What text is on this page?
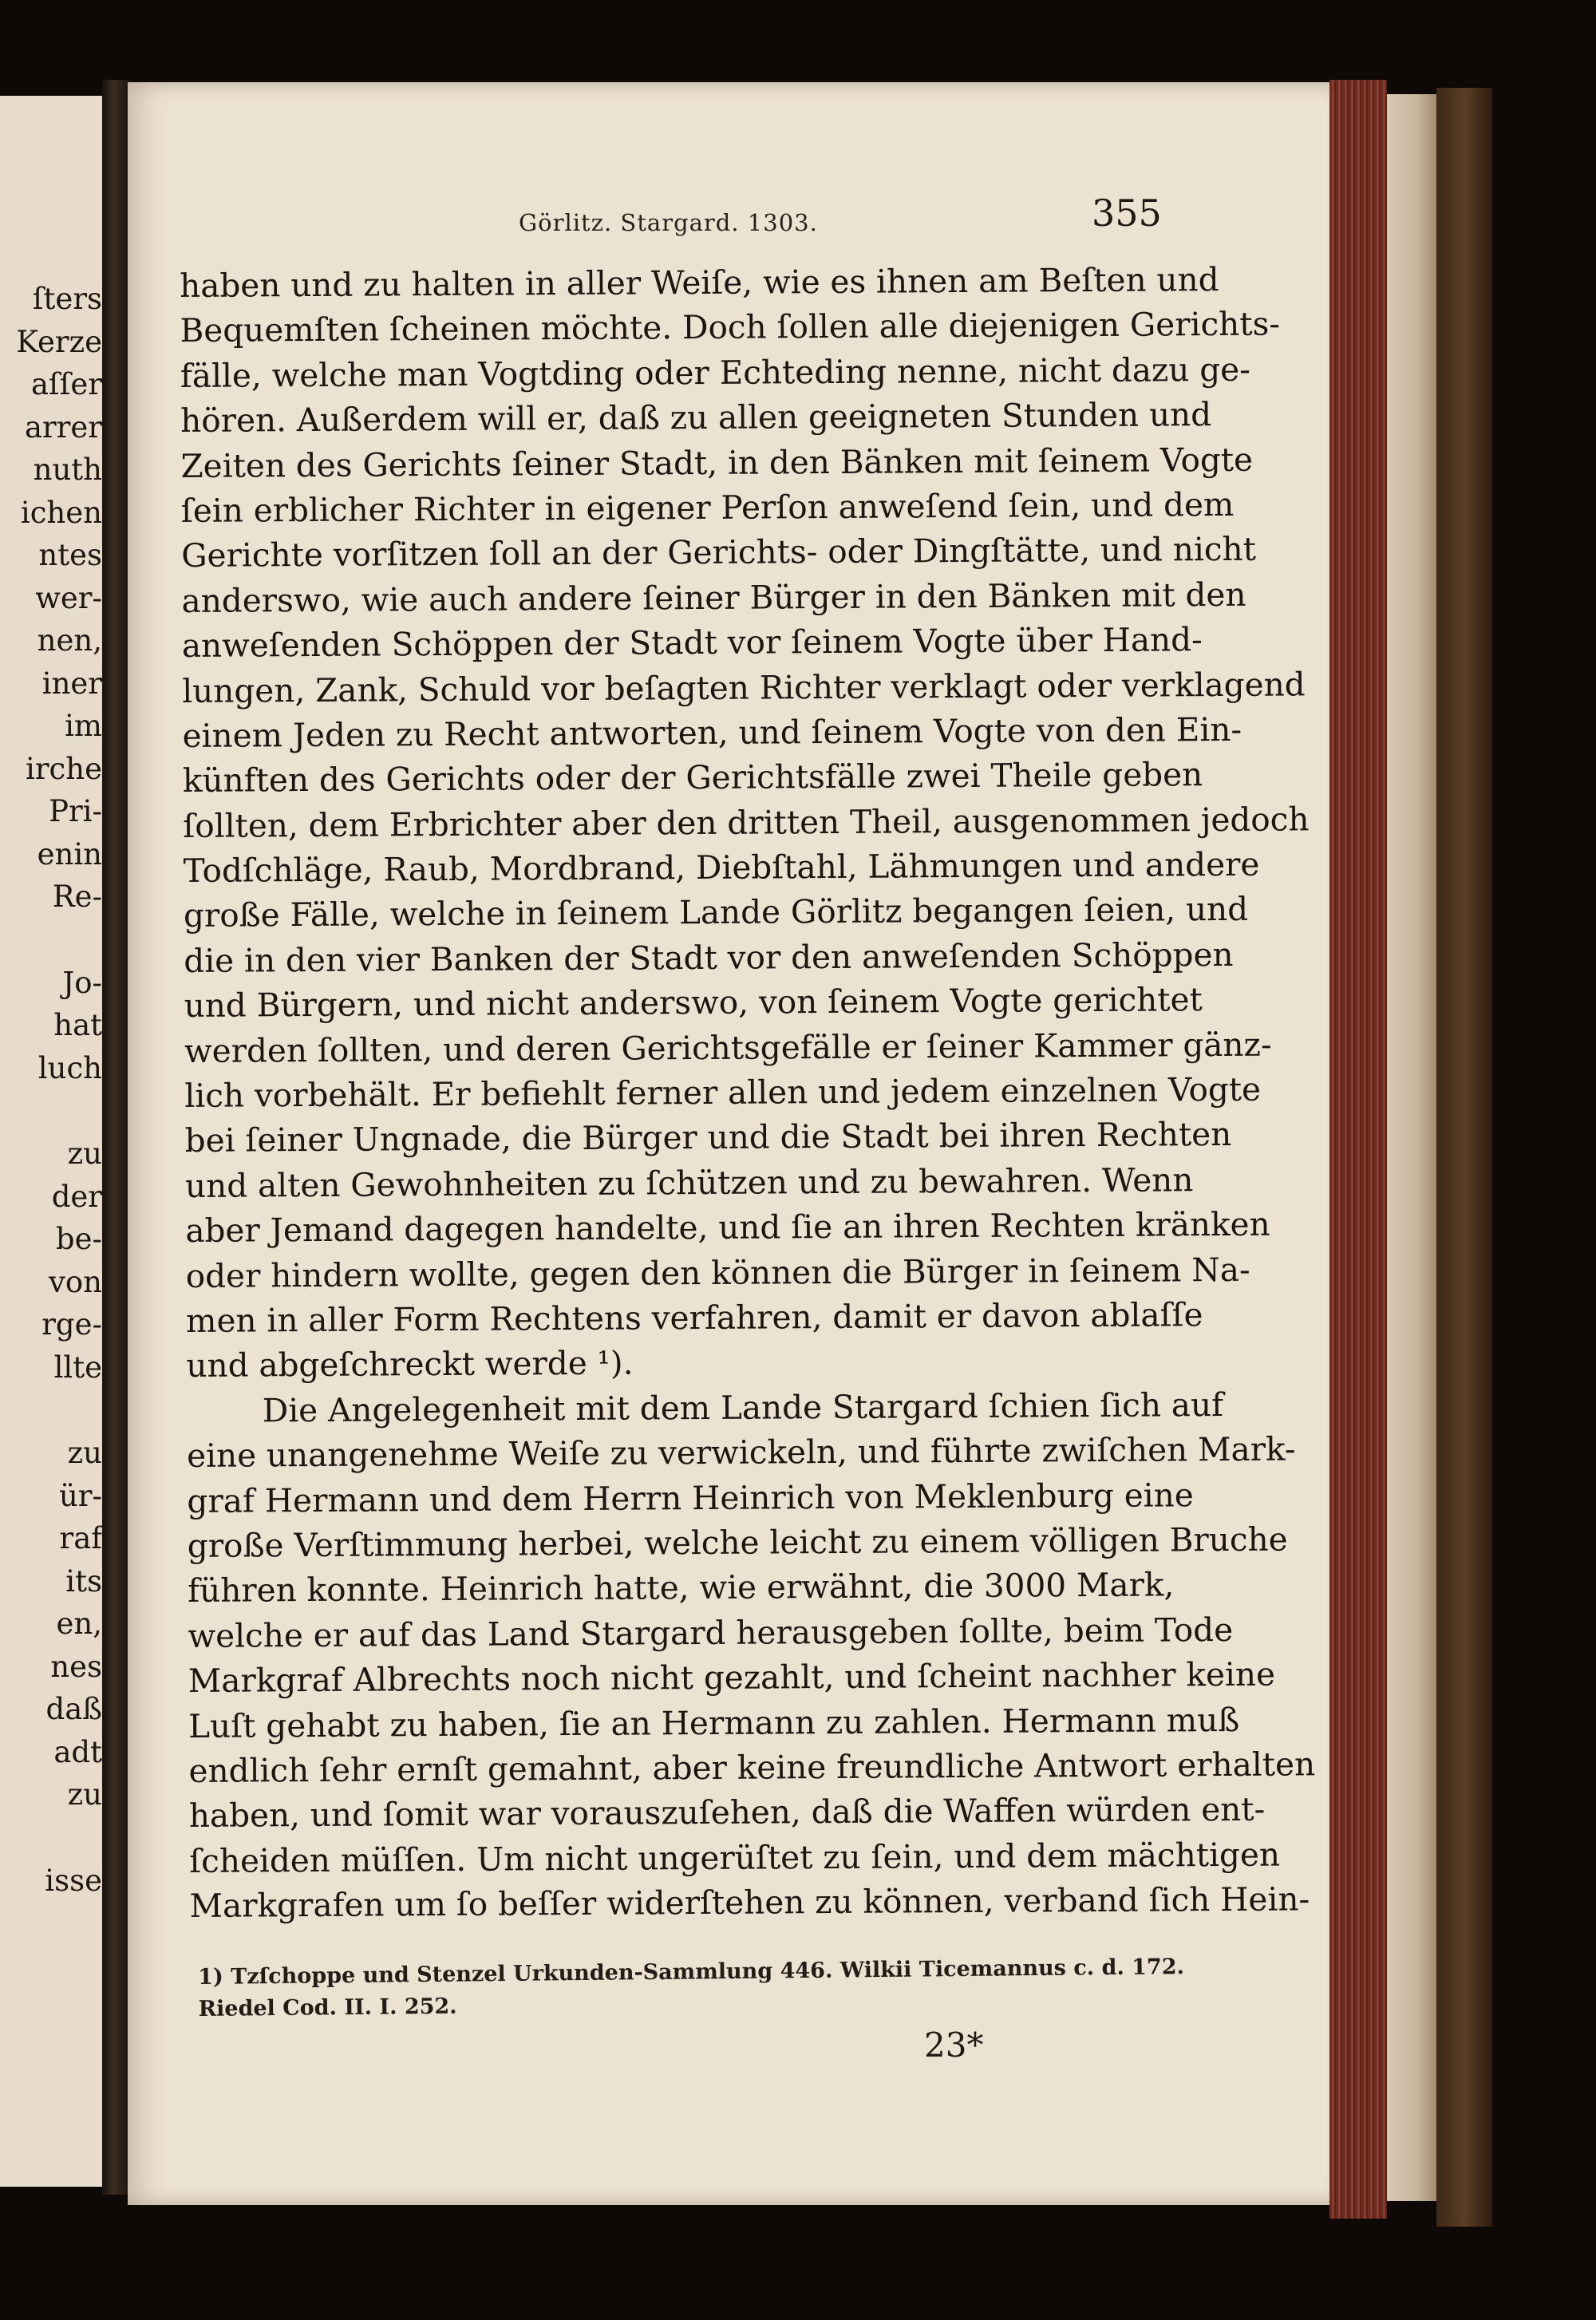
ſters
Kerze
aſſer
arrer
nuth
ichen
ntes
wer-
nen,
iner
im
irche
Pri-
enin
Re-
Jo-
hat
luch
zu
der
be-
von
rge-
llte
zu
ür-
raf
its
en,
nes
daß
adt
zu
isse
Görlitz. Stargard. 1303.	355
haben und zu halten in aller Weiſe, wie es ihnen am Beſten und
Bequemſten ſcheinen möchte. Doch ſollen alle diejenigen Gerichts-
fälle, welche man Vogtding oder Echteding nenne, nicht dazu ge-
hören. Außerdem will er, daß zu allen geeigneten Stunden und
Zeiten des Gerichts ſeiner Stadt, in den Bänken mit ſeinem Vogte
ſein erblicher Richter in eigener Perſon anweſend ſein, und dem
Gerichte vorſitzen ſoll an der Gerichts- oder Dingſtätte, und nicht
anderswo, wie auch andere ſeiner Bürger in den Bänken mit den
anweſenden Schöppen der Stadt vor ſeinem Vogte über Hand-
lungen, Zank, Schuld vor beſagten Richter verklagt oder verklagend
einem Jeden zu Recht antworten, und ſeinem Vogte von den Ein-
künften des Gerichts oder der Gerichtsfälle zwei Theile geben
ſollten, dem Erbrichter aber den dritten Theil, ausgenommen jedoch
Todſchläge, Raub, Mordbrand, Diebſtahl, Lähmungen und andere
große Fälle, welche in ſeinem Lande Görlitz begangen ſeien, und
die in den vier Banken der Stadt vor den anweſenden Schöppen
und Bürgern, und nicht anderswo, von ſeinem Vogte gerichtet
werden ſollten, und deren Gerichtsgefälle er ſeiner Kammer gänz-
lich vorbehält. Er befiehlt ferner allen und jedem einzelnen Vogte
bei ſeiner Ungnade, die Bürger und die Stadt bei ihren Rechten
und alten Gewohnheiten zu ſchützen und zu bewahren. Wenn
aber Jemand dagegen handelte, und ſie an ihren Rechten kränken
oder hindern wollte, gegen den können die Bürger in ſeinem Na-
men in aller Form Rechtens verfahren, damit er davon ablaſſe
und abgeſchreckt werde ¹).
Die Angelegenheit mit dem Lande Stargard ſchien ſich auf
eine unangenehme Weiſe zu verwickeln, und führte zwiſchen Mark-
graf Hermann und dem Herrn Heinrich von Meklenburg eine
große Verſtimmung herbei, welche leicht zu einem völligen Bruche
führen konnte. Heinrich hatte, wie erwähnt, die 3000 Mark,
welche er auf das Land Stargard herausgeben ſollte, beim Tode
Markgraf Albrechts noch nicht gezahlt, und ſcheint nachher keine
Luſt gehabt zu haben, ſie an Hermann zu zahlen. Hermann muß
endlich ſehr ernſt gemahnt, aber keine freundliche Antwort erhalten
haben, und ſomit war vorauszuſehen, daß die Waffen würden ent-
ſcheiden müſſen. Um nicht ungerüſtet zu ſein, und dem mächtigen
Markgrafen um ſo beſſer widerſtehen zu können, verband ſich Hein-
1) Tzſchoppe und Stenzel Urkunden-Sammlung 446. Wilkii Ticemannus c. d. 172.
Riedel Cod. II. I. 252.
23*
